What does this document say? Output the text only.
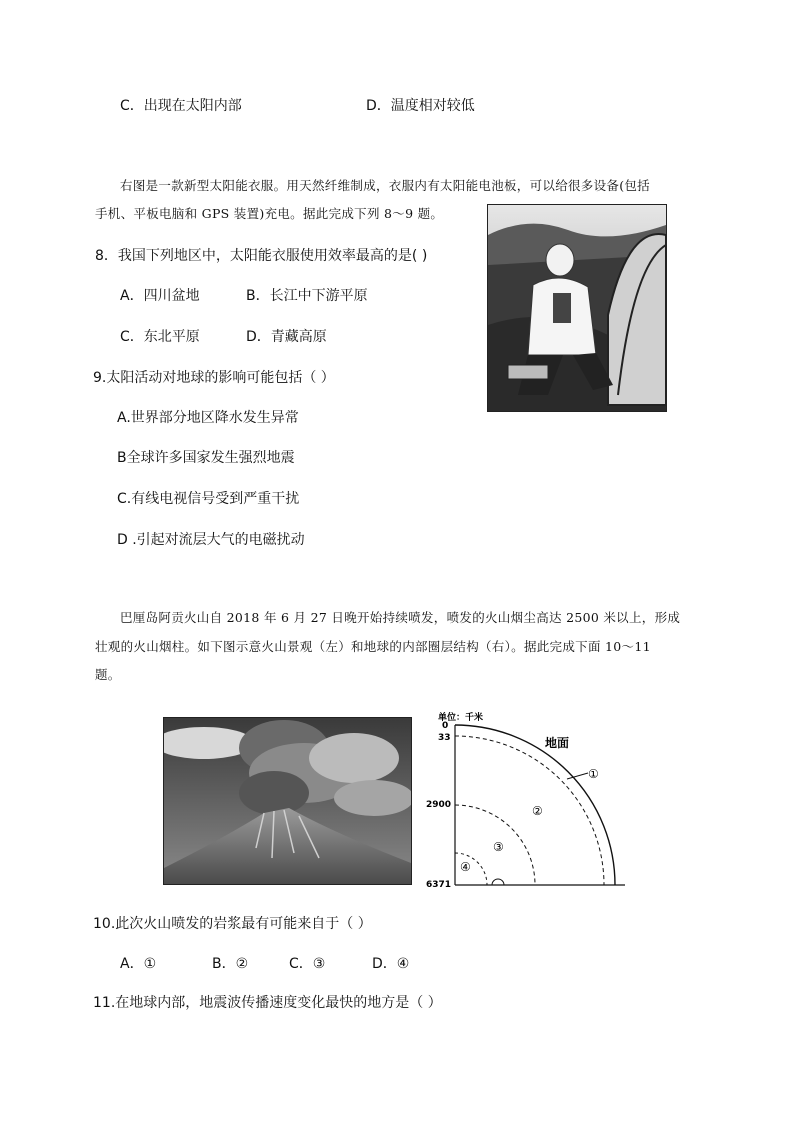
C．出现在太阳内部	D．温度相对较低
右图是一款新型太阳能衣服。用天然纤维制成，衣服内有太阳能电池板，可以给很多设备(包括
手机、平板电脑和 GPS 装置)充电。据此完成下列 8～9 题。
8．我国下列地区中，太阳能衣服使用效率最高的是( )
A．四川盆地	B．长江中下游平原
C．东北平原	D．青藏高原
9.太阳活动对地球的影响可能包括（ ）
A.世界部分地区降水发生异常
B全球许多国家发生强烈地震
C.有线电视信号受到严重干扰
D .引起对流层大气的电磁扰动
巴厘岛阿贡火山自 2018 年 6 月 27 日晚开始持续喷发，喷发的火山烟尘高达 2500 米以上，形成
壮观的火山烟柱。如下图示意火山景观（左）和地球的内部圈层结构（右）。据此完成下面 10～11
题。
单位：千米
0
33
2900
6371
地面
①
②
③
④
10.此次火山喷发的岩浆最有可能来自于（ ）
A．①	B．②	C．③	D．④
11.在地球内部，地震波传播速度变化最快的地方是（ ）
